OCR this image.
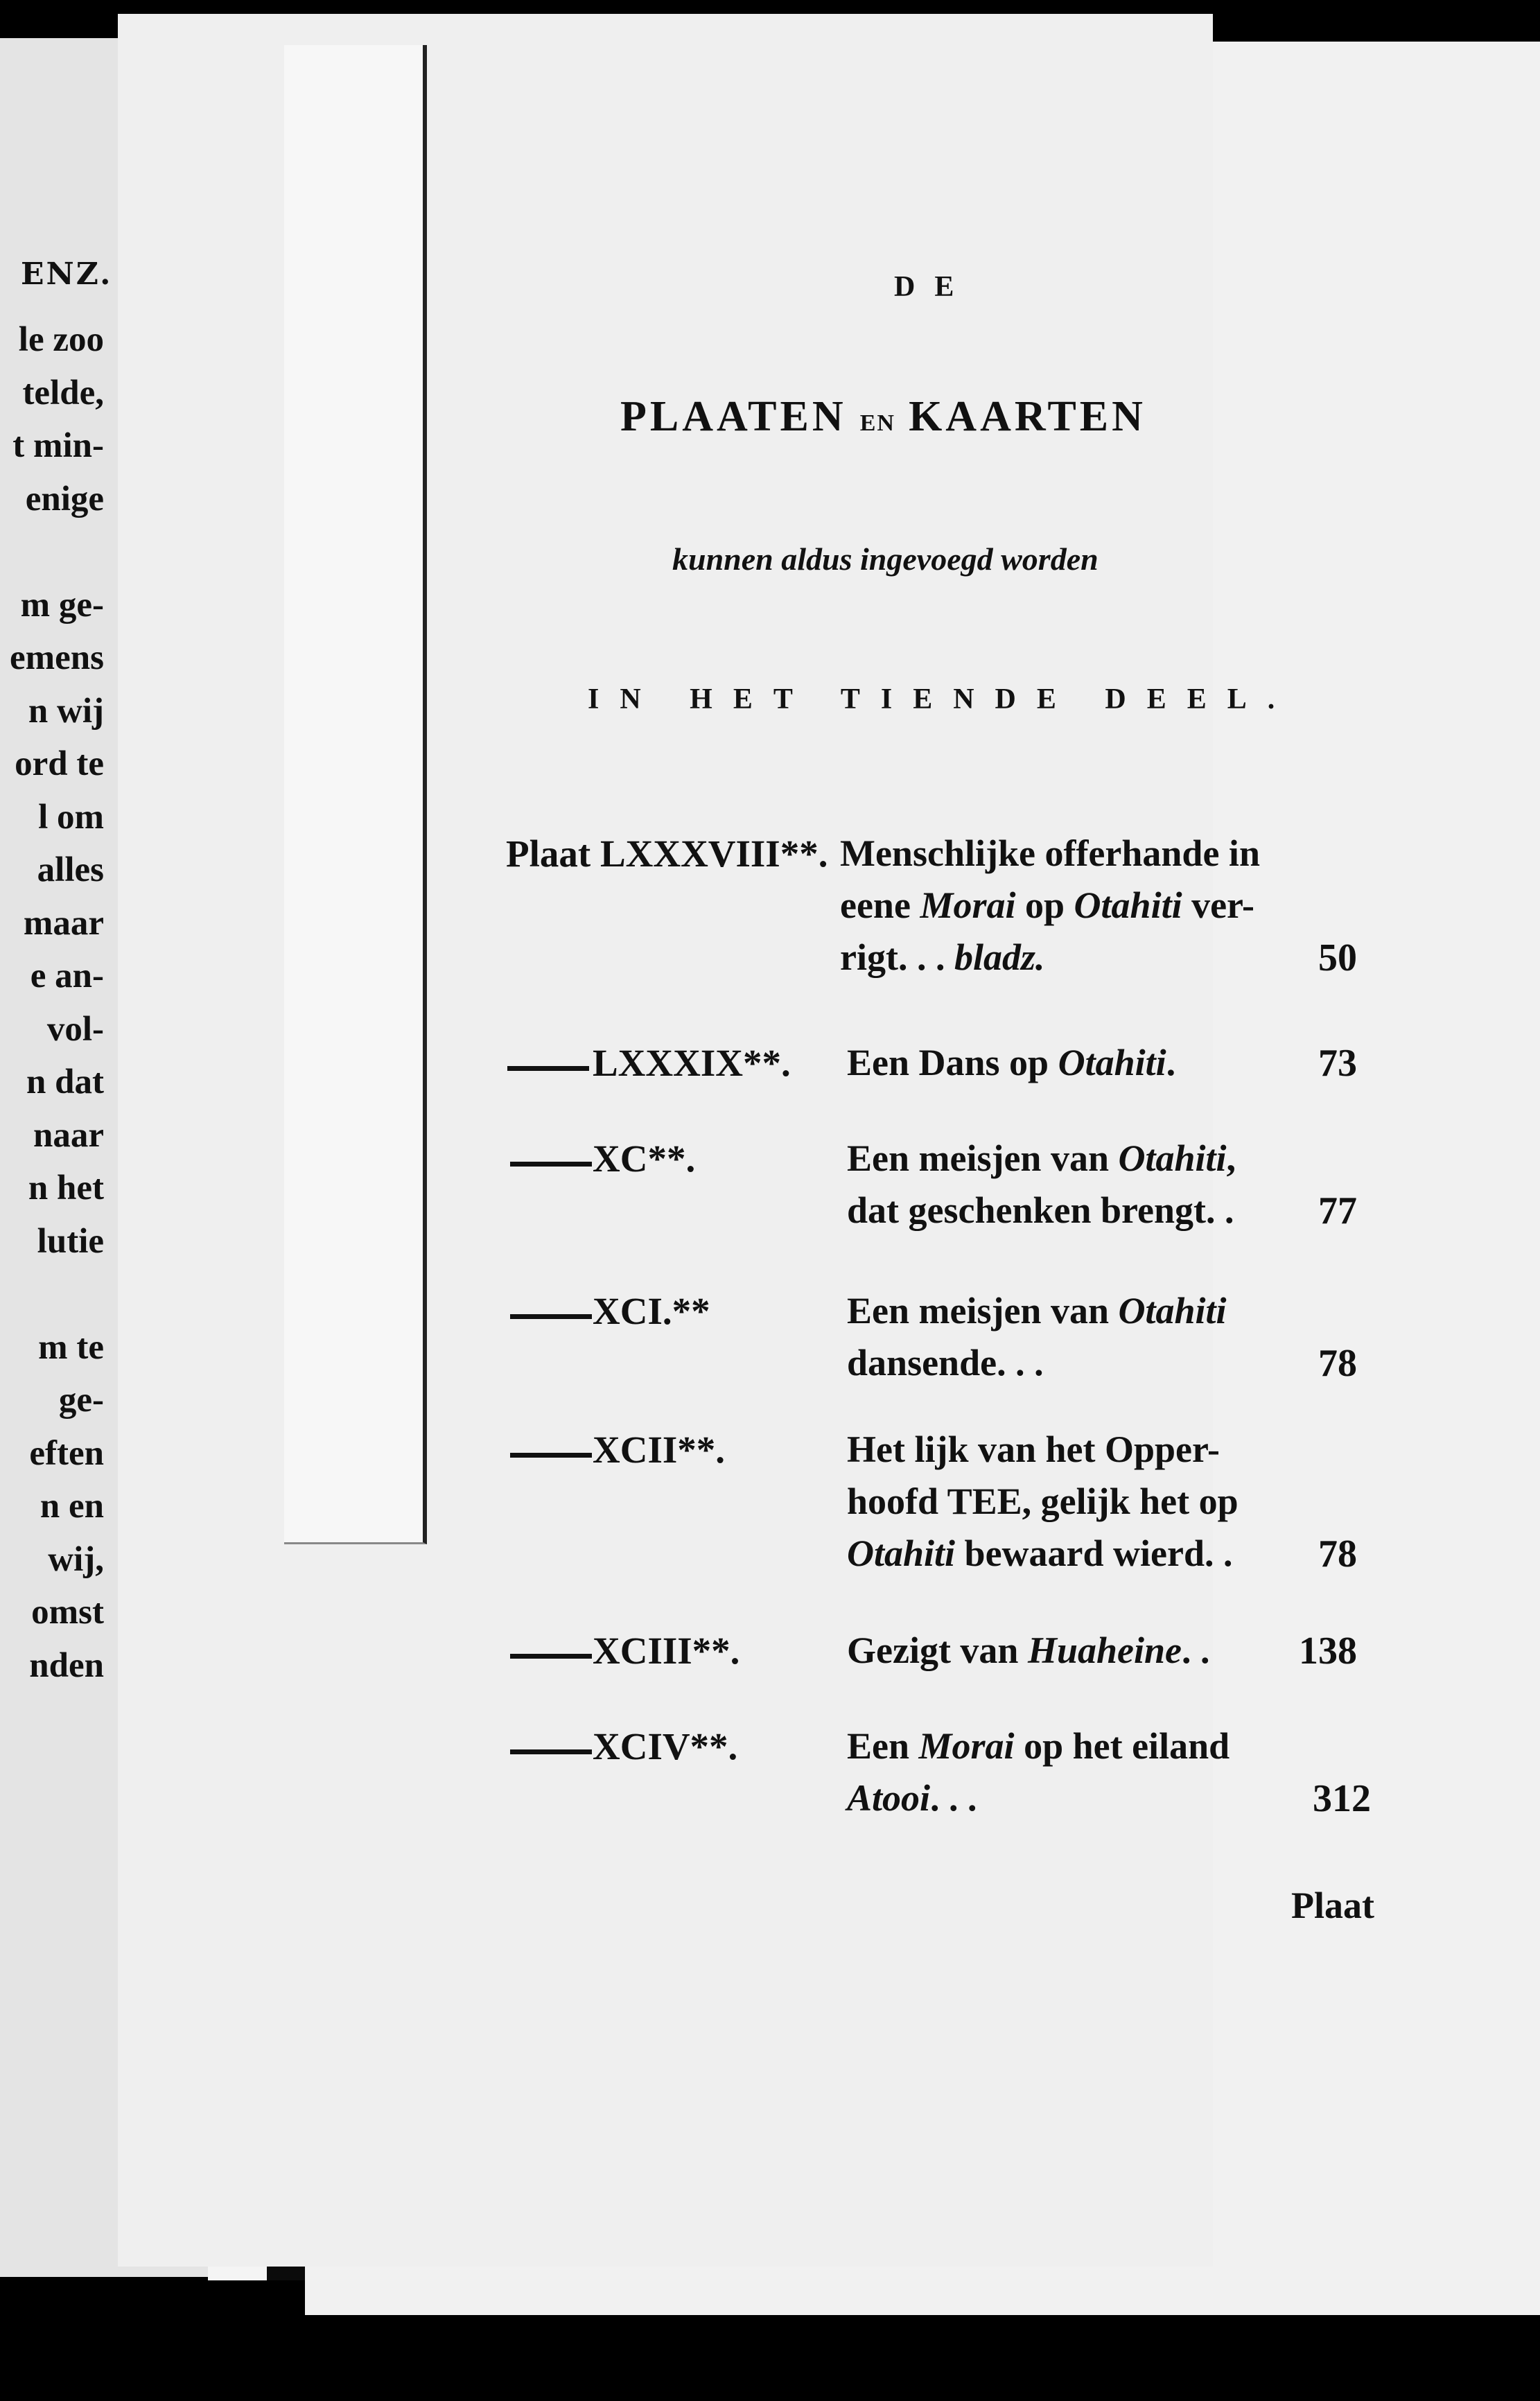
ENZ.
le zoo
telde,
t min-
enige

m ge-
emens
n wij
ord te
l om
alles
maar
e an-
vol-
n dat
naar
n het
lutie

m te
ge-
eften
n en
wij,
omst
nden
DE
PLAATEN EN KAARTEN
kunnen aldus ingevoegd worden
IN HET TIENDE DEEL.
Plaat LXXXVIII**. Menschlijke offerhande in
eene Morai op Otahiti ver-
rigt. . . bladz.	50
LXXXIX**. Een Dans op Otahiti.	73
XC**.	Een meisjen van Otahiti,
dat geschenken brengt. . 77
XCI.**	Een meisjen van Otahiti
dansende. . .	78
XCII**.	Het lijk van het Opper-
hoofd TEE, gelijk het op
Otahiti bewaard wierd. . 78
XCIII**.	Gezigt van Huaheine. . 138
XCIV**.	Een Morai op het eiland
Atooi. . .	312
Plaat
